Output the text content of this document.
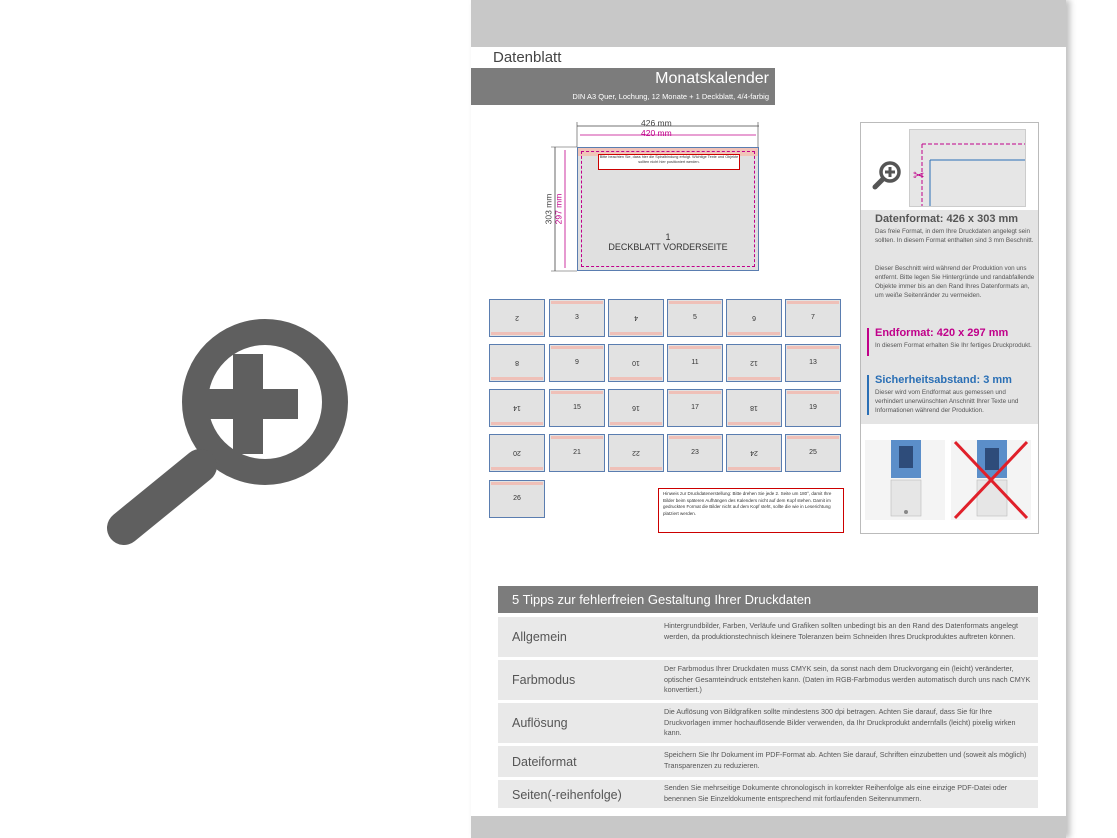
Datenblatt
Monatskalender
DIN A3 Quer, Lochung, 12 Monate + 1 Deckblatt, 4/4-farbig
426 mm
420 mm
303 mm 297 mm
Bitte beachten Sie, dass hier die Spiralbindung erfolgt. Wichtige Texte und Objekte sollten nicht hier positioniert werden.
1
DECKBLATT VORDERSEITE
2	3	4	5	6	7
8	9	10	11	12	13
14	15	16	17	18	19
20	21	22	23	24	25
26
Hinweis zur Druckdatenerstellung: Bitte drehen Sie jede 2. Seite um 180°, damit Ihre Bilder beim späteren Aufhängen des Kalenders nicht auf dem Kopf stehen. Damit im gedruckten Format die Bilder nicht auf dem Kopf steht, sollte die wie in Leserichtung platziert werden.
✂
Datenformat: 426 x 303 mm

Das freie Format, in dem Ihre Druckdaten angelegt sein sollten. In diesem Format enthalten sind 3 mm Beschnitt.

Dieser Beschnitt wird während der Produktion von uns entfernt. Bitte legen Sie Hintergründe und randabfallende Objekte immer bis an den Rand Ihres Datenformats an, um weiße Seitenränder zu vermeiden.

Endformat: 420 x 297 mm

In diesem Format erhalten Sie Ihr fertiges Druckprodukt.

Sicherheitsabstand: 3 mm

Dieser wird vom Endformat aus gemessen und verhindert unerwünschten Anschnitt Ihrer Texte und Informationen während der Produktion.

5 Tipps zur fehlerfreien Gestaltung Ihrer Druckdaten
Allgemein
Hintergrundbilder, Farben, Verläufe und Grafiken sollten unbedingt bis an den Rand des Datenformats angelegt werden, da produktionstechnisch kleinere Toleranzen beim Schneiden Ihres Druckproduktes auftreten können.
Farbmodus
Der Farbmodus Ihrer Druckdaten muss CMYK sein, da sonst nach dem Druckvorgang ein (leicht) veränderter, optischer Gesamteindruck entstehen kann. (Daten im RGB-Farbmodus werden automatisch durch uns nach CMYK konvertiert.)
Auflösung
Die Auflösung von Bildgrafiken sollte mindestens 300 dpi betragen. Achten Sie darauf, dass Sie für Ihre Druckvorlagen immer hochauflösende Bilder verwenden, da Ihr Druckprodukt andernfalls (leicht) pixelig wirken kann.
Dateiformat
Speichern Sie Ihr Dokument im PDF-Format ab. Achten Sie darauf, Schriften einzubetten und (soweit als möglich) Transparenzen zu reduzieren.
Seiten(-reihenfolge)
Senden Sie mehrseitige Dokumente chronologisch in korrekter Reihenfolge als eine einzige PDF-Datei oder benennen Sie Einzeldokumente entsprechend mit fortlaufenden Seitennummern.
